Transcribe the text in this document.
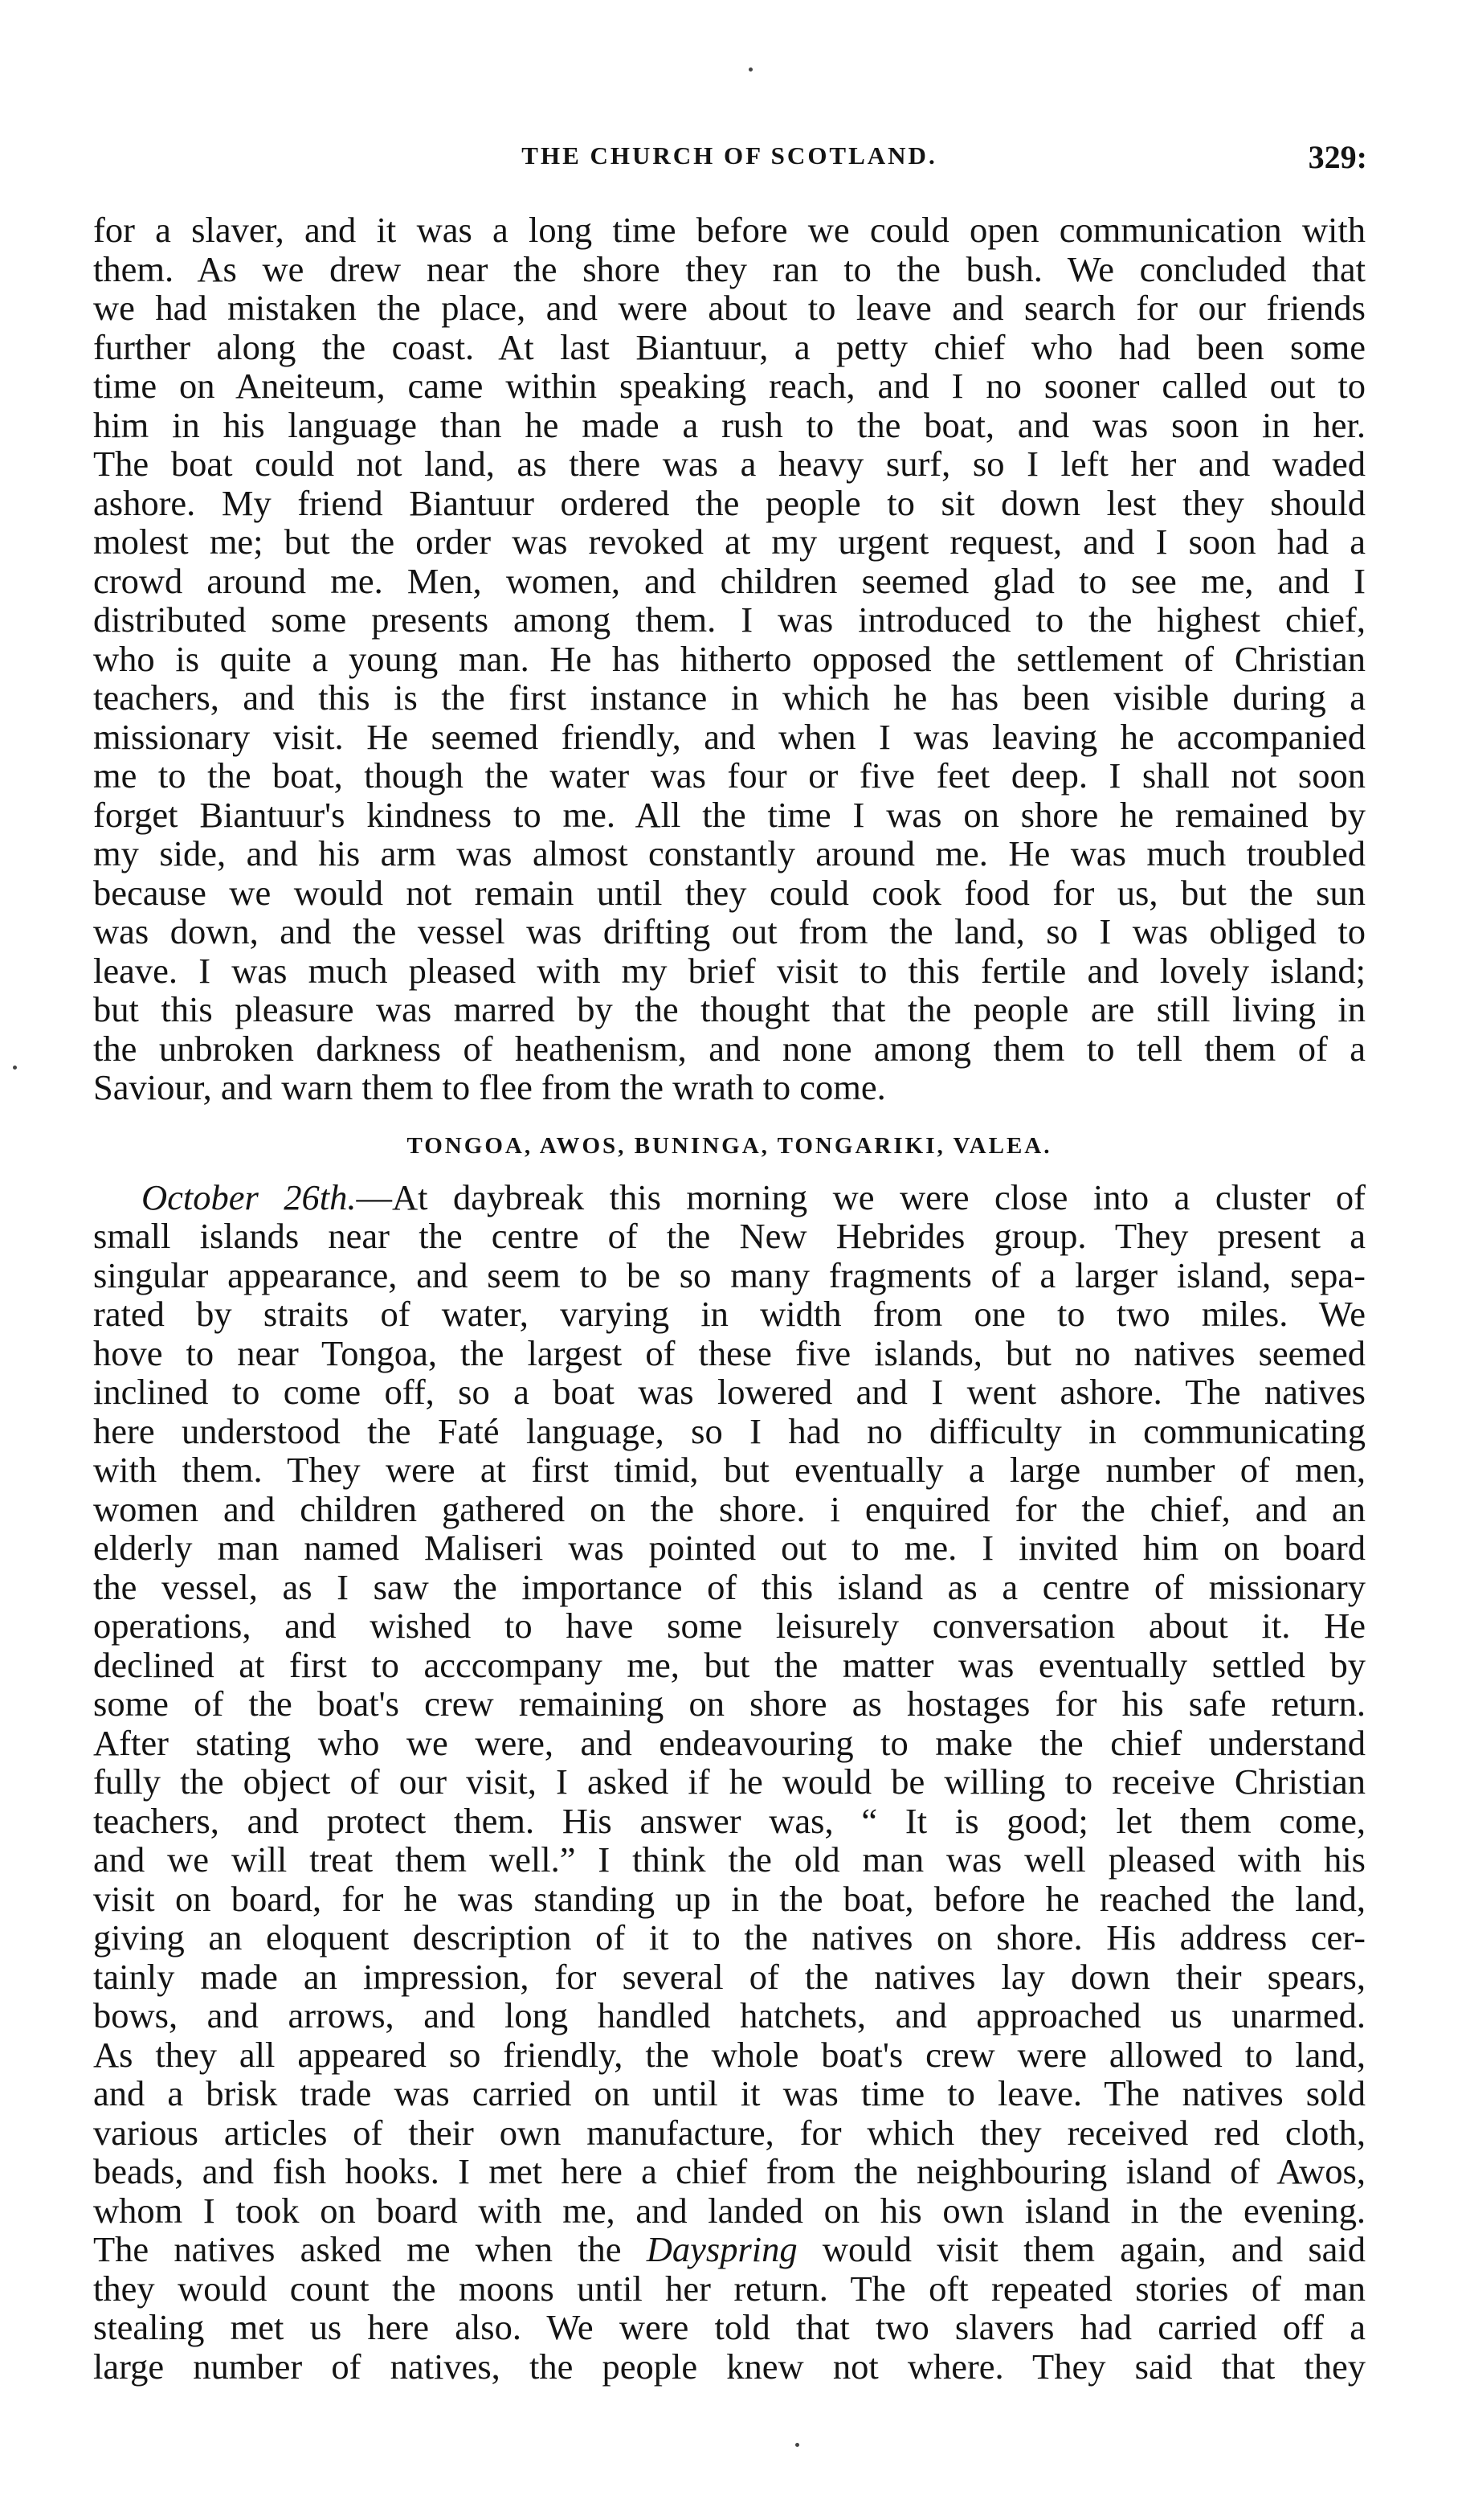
THE CHURCH OF SCOTLAND.	329:
for a slaver, and it was a long time before we could open communication with
them. As we drew near the shore they ran to the bush. We concluded that
we had mistaken the place, and were about to leave and search for our friends
further along the coast. At last Biantuur, a petty chief who had been some
time on Aneiteum, came within speaking reach, and I no sooner called out to
him in his language than he made a rush to the boat, and was soon in her.
The boat could not land, as there was a heavy surf, so I left her and waded
ashore. My friend Biantuur ordered the people to sit down lest they should
molest me; but the order was revoked at my urgent request, and I soon had a
crowd around me. Men, women, and children seemed glad to see me, and I
distributed some presents among them. I was introduced to the highest chief,
who is quite a young man. He has hitherto opposed the settlement of Christian
teachers, and this is the first instance in which he has been visible during a
missionary visit. He seemed friendly, and when I was leaving he accompanied
me to the boat, though the water was four or five feet deep. I shall not soon
forget Biantuur's kindness to me. All the time I was on shore he remained by
my side, and his arm was almost constantly around me. He was much troubled
because we would not remain until they could cook food for us, but the sun
was down, and the vessel was drifting out from the land, so I was obliged to
leave. I was much pleased with my brief visit to this fertile and lovely island;
but this pleasure was marred by the thought that the people are still living in
the unbroken darkness of heathenism, and none among them to tell them of a
Saviour, and warn them to flee from the wrath to come.
TONGOA, AWOS, BUNINGA, TONGARIKI, VALEA.
October 26th.—At daybreak this morning we were close into a cluster of
small islands near the centre of the New Hebrides group. They present a
singular appearance, and seem to be so many fragments of a larger island, sepa-
rated by straits of water, varying in width from one to two miles. We
hove to near Tongoa, the largest of these five islands, but no natives seemed
inclined to come off, so a boat was lowered and I went ashore. The natives
here understood the Faté language, so I had no difficulty in communicating
with them. They were at first timid, but eventually a large number of men,
women and children gathered on the shore. i enquired for the chief, and an
elderly man named Maliseri was pointed out to me. I invited him on board
the vessel, as I saw the importance of this island as a centre of missionary
operations, and wished to have some leisurely conversation about it. He
declined at first to acccompany me, but the matter was eventually settled by
some of the boat's crew remaining on shore as hostages for his safe return.
After stating who we were, and endeavouring to make the chief understand
fully the object of our visit, I asked if he would be willing to receive Christian
teachers, and protect them. His answer was, “ It is good; let them come,
and we will treat them well.” I think the old man was well pleased with his
visit on board, for he was standing up in the boat, before he reached the land,
giving an eloquent description of it to the natives on shore. His address cer-
tainly made an impression, for several of the natives lay down their spears,
bows, and arrows, and long handled hatchets, and approached us unarmed.
As they all appeared so friendly, the whole boat's crew were allowed to land,
and a brisk trade was carried on until it was time to leave. The natives sold
various articles of their own manufacture, for which they received red cloth,
beads, and fish hooks. I met here a chief from the neighbouring island of Awos,
whom I took on board with me, and landed on his own island in the evening.
The natives asked me when the Dayspring would visit them again, and said
they would count the moons until her return. The oft repeated stories of man
stealing met us here also. We were told that two slavers had carried off a
large number of natives, the people knew not where. They said that they
